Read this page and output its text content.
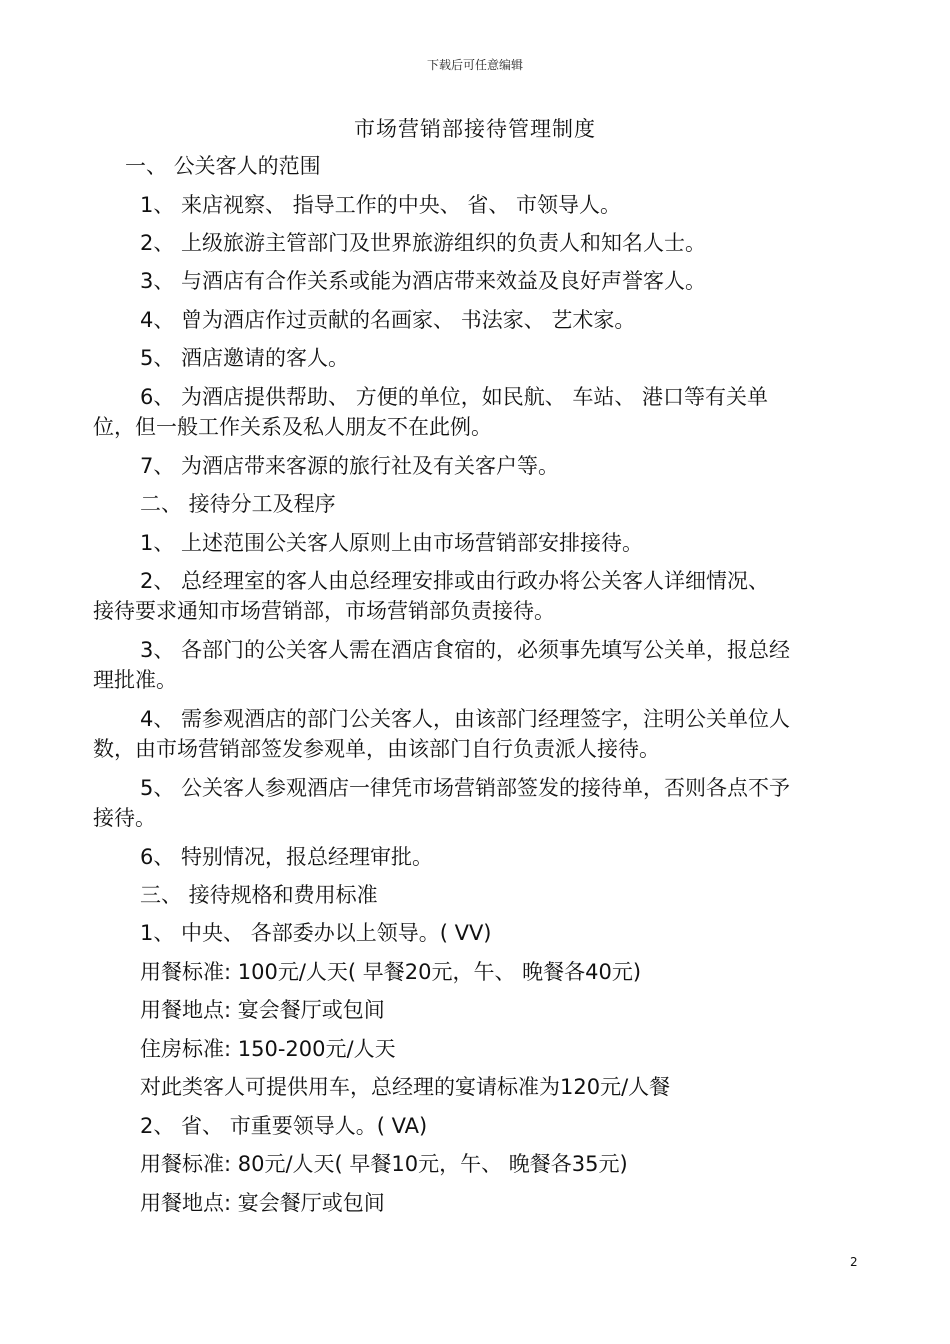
下载后可任意编辑
市场营销部接待管理制度
一、 公关客人的范围
1、 来店视察、 指导工作的中央、 省、 市领导人。
2、 上级旅游主管部门及世界旅游组织的负责人和知名人士。
3、 与酒店有合作关系或能为酒店带来效益及良好声誉客人。
4、 曾为酒店作过贡献的名画家、 书法家、 艺术家。
5、 酒店邀请的客人。
6、 为酒店提供帮助、 方便的单位，如民航、 车站、 港口等有关单
位，但一般工作关系及私人朋友不在此例。
7、 为酒店带来客源的旅行社及有关客户等。
二、 接待分工及程序
1、 上述范围公关客人原则上由市场营销部安排接待。
2、 总经理室的客人由总经理安排或由行政办将公关客人详细情况、
接待要求通知市场营销部，市场营销部负责接待。
3、 各部门的公关客人需在酒店食宿的，必须事先填写公关单，报总经
理批准。
4、 需参观酒店的部门公关客人，由该部门经理签字，注明公关单位人
数，由市场营销部签发参观单，由该部门自行负责派人接待。
5、 公关客人参观酒店一律凭市场营销部签发的接待单，否则各点不予
接待。
6、 特别情况，报总经理审批。
三、 接待规格和费用标准
1、 中央、 各部委办以上领导。( VV)
用餐标准: 100元/人天( 早餐20元，午、 晚餐各40元)
用餐地点: 宴会餐厅或包间
住房标准: 150-200元/人天
对此类客人可提供用车，总经理的宴请标准为120元/人餐
2、 省、 市重要领导人。( VA)
用餐标准: 80元/人天( 早餐10元，午、 晚餐各35元)
用餐地点: 宴会餐厅或包间
2
